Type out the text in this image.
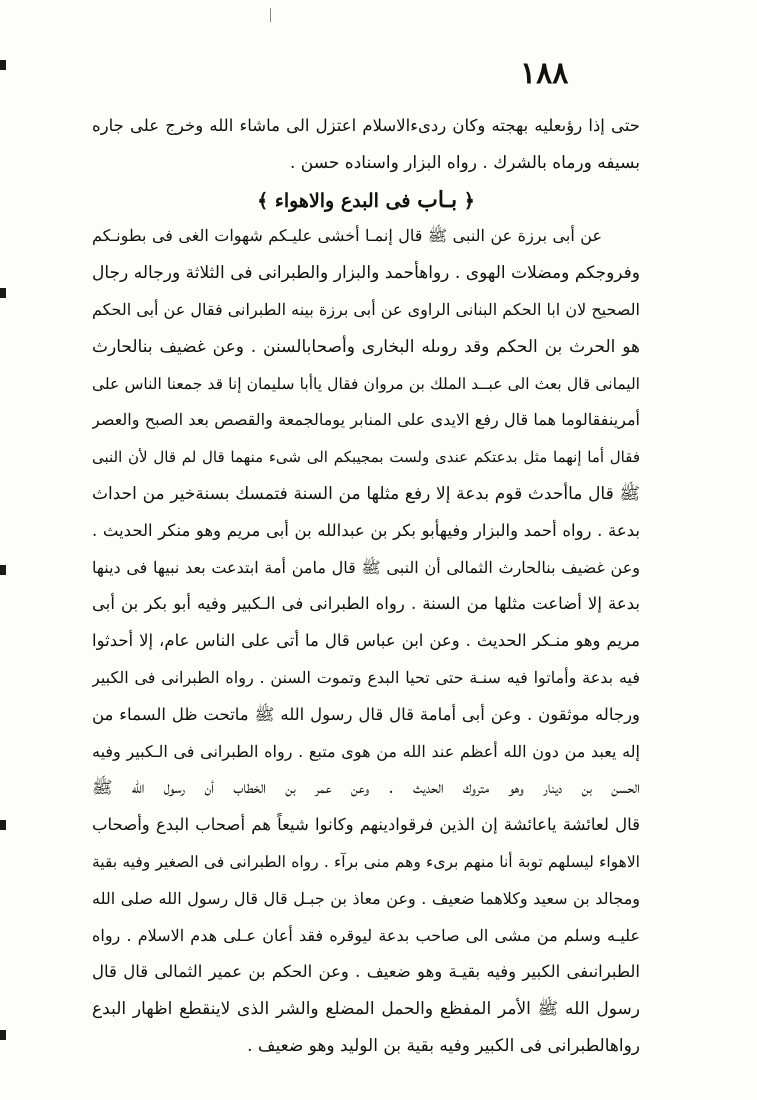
١٨٨
حتى إذا رؤىعليه بهجته وكان ردىءالاسلام اعتزل الى ماشاء الله وخرج على جاره
بسيفه ورماه بالشرك . رواه البزار واسناده حسن .
﴿ بـاب فى البدع والاهواء ﴾
عن أبى برزة عن النبى ﷺ قال إنمـا أخشى عليـكم شهوات الغى فى بطونـكم
وفروجكم ومضلات الهوى . رواهأحمد والبزار والطبرانى فى الثلاثة ورجاله رجال
الصحيح لان ابا الحكم البنانى الراوى عن أبى برزة بينه الطبرانى فقال عن أبى الحكم
هو الحرث بن الحكم وقد روىله البخارى وأصحابالسنن . وعن غضيف بنالحارث
اليمانى قال بعث الى عبــد الملك بن مروان فقال ياأبا سليمان إنا قد جمعنا الناس على
أمرينفقالوما هما قال رفع الايدى على المنابر يومالجمعة والقصص بعد الصبح والعصر
فقال أما إنهما مثل بدعتكم عندى ولست بمجيبكم الى شىء منهما قال لم قال لأن النبى
ﷺ قال ماأحدث قوم بدعة إلا رفع مثلها من السنة فتمسك بسنةخير من احداث
بدعة . رواه أحمد والبزار وفيهأبو بكر بن عبدالله بن أبى مريم وهو منكر الحديث .
وعن غضيف بنالحارث الثمالى أن النبى ﷺ قال مامن أمة ابتدعت بعد نبيها فى دينها
بدعة إلا أضاعت مثلها من السنة . رواه الطبرانى فى الـكبير وفيه أبو بكر بن أبى
مريم وهو منـكر الحديث . وعن ابن عباس قال ما أتى على الناس عام، إلا أحدثوا
فيه بدعة وأماتوا فيه سنـة حتى تحيا البدع وتموت السنن . رواه الطبرانى فى الكبير
ورجاله موثقون . وعن أبى أمامة قال قال رسول الله ﷺ ماتحت ظل السماء من
إله يعبد من دون الله أعظم عند الله من هوى متبع . رواه الطبرانى فى الـكبير وفيه
الحسن بن دينار وهو متروك الحديث . وعن عمر بن الخطاب أن رسول الله ﷺ
قال لعائشة ياعائشة إن الذين فرقوادينهم وكانوا شيعاً هم أصحاب البدع وأصحاب
الاهواء ليسلهم توبة أنا منهم برىء وهم منى برآء . رواه الطبرانى فى الصغير وفيه بقية
ومجالد بن سعيد وكلاهما ضعيف . وعن معاذ بن جبـل قال قال رسول الله صلى الله
عليـه وسلم من مشى الى صاحب بدعة ليوقره فقد أعان عـلى هدم الاسلام . رواه
الطبرانىفى الكبير وفيه بقيـة وهو ضعيف . وعن الحكم بن عمير الثمالى قال قال
رسول الله ﷺ الأمر المفظع والحمل المضلع والشر الذى لاينقطع اظهار البدع
رواهالطبرانى فى الكبير وفيه بقية بن الوليد وهو ضعيف .
